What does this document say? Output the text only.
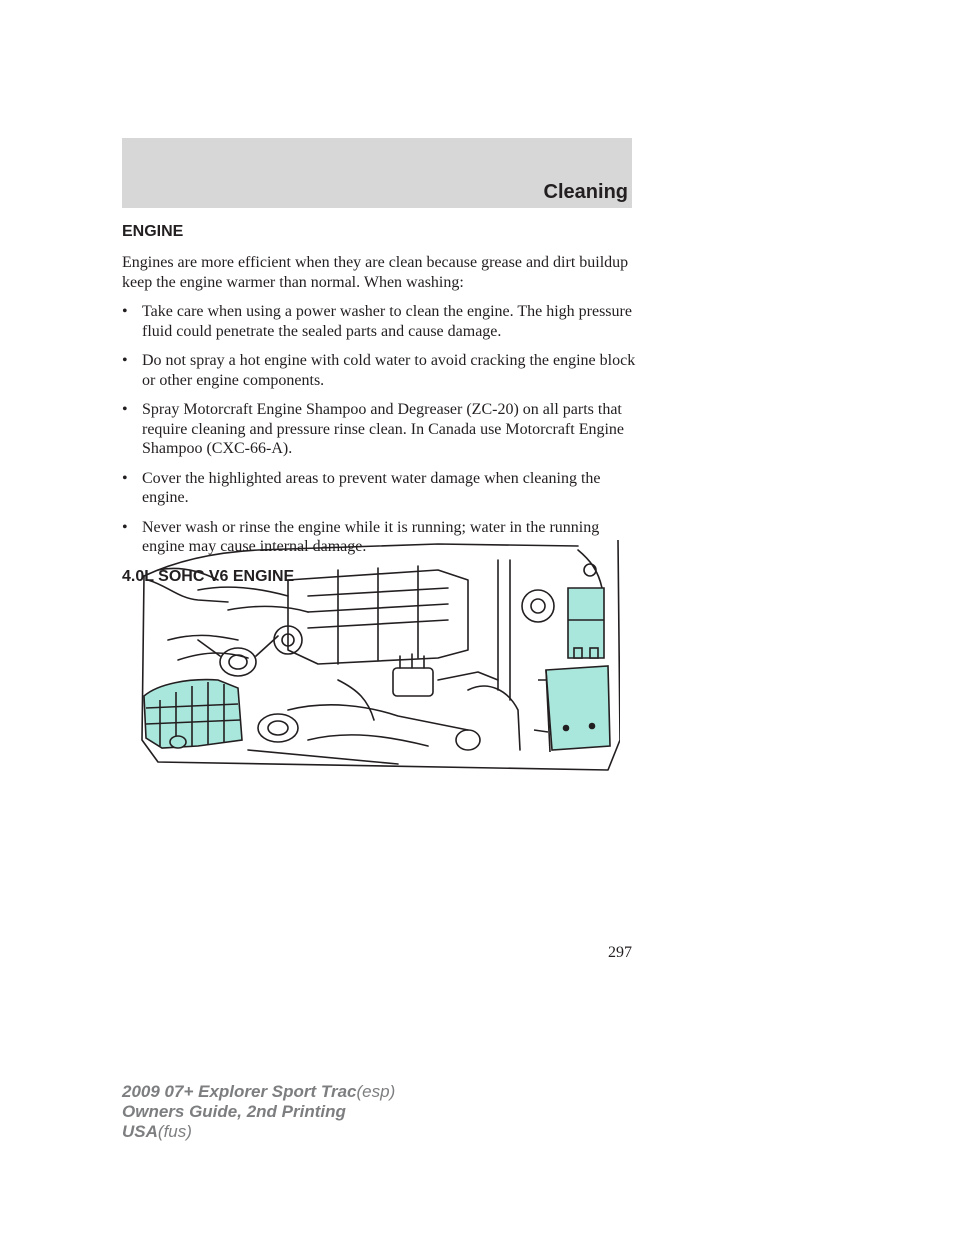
Cleaning
ENGINE

Engines are more efficient when they are clean because grease and dirt buildup keep the engine warmer than normal. When washing:

• Take care when using a power washer to clean the engine. The high pressure fluid could penetrate the sealed parts and cause damage.
• Do not spray a hot engine with cold water to avoid cracking the engine block or other engine components.
• Spray Motorcraft Engine Shampoo and Degreaser (ZC-20) on all parts that require cleaning and pressure rinse clean. In Canada use Motorcraft Engine Shampoo (CXC-66-A).
• Cover the highlighted areas to prevent water damage when cleaning the engine.
• Never wash or rinse the engine while it is running; water in the running engine may cause internal damage.
4.0L SOHC V6 ENGINE
297
2009 07+ Explorer Sport Trac(esp)
Owners Guide, 2nd Printing
USA(fus)
